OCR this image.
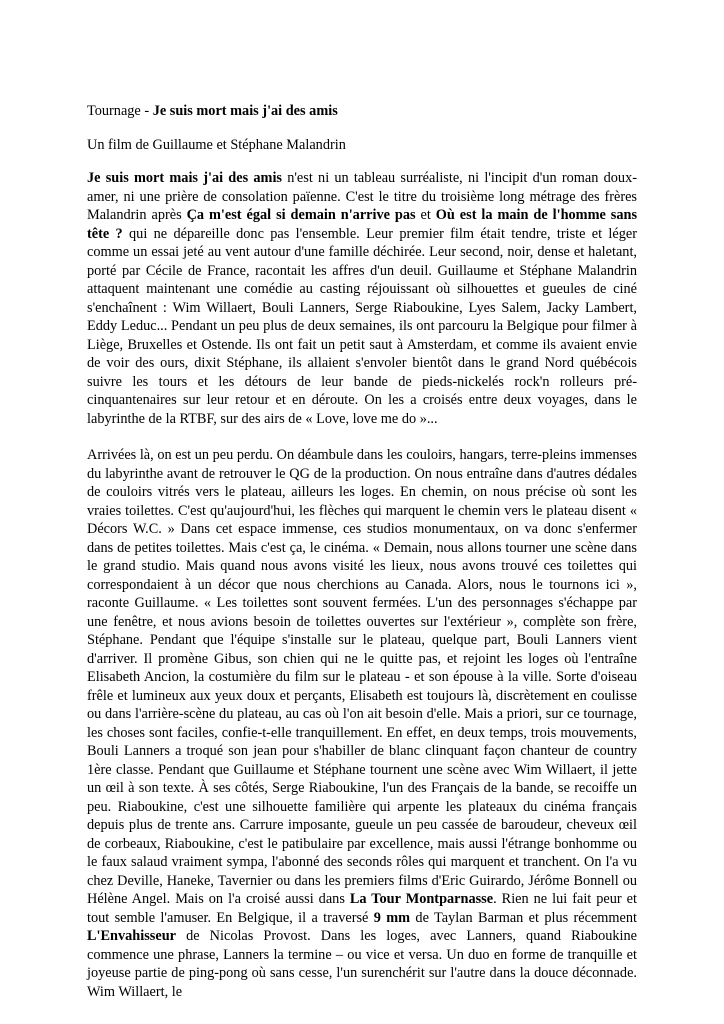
Tournage - Je suis mort mais j'ai des amis

Un film de Guillaume et Stéphane Malandrin

Je suis mort mais j'ai des amis n'est ni un tableau surréaliste, ni l'incipit d'un roman doux-amer, ni une prière de consolation païenne. C'est le titre du troisième long métrage des frères Malandrin après Ça m'est égal si demain n'arrive pas et Où est la main de l'homme sans tête ? qui ne dépareille donc pas l'ensemble. Leur premier film était tendre, triste et léger comme un essai jeté au vent autour d'une famille déchirée. Leur second, noir, dense et haletant, porté par Cécile de France, racontait les affres d'un deuil. Guillaume et Stéphane Malandrin attaquent maintenant une comédie au casting réjouissant où silhouettes et gueules de ciné s'enchaînent : Wim Willaert, Bouli Lanners, Serge Riaboukine, Lyes Salem, Jacky Lambert, Eddy Leduc... Pendant un peu plus de deux semaines, ils ont parcouru la Belgique pour filmer à Liège, Bruxelles et Ostende. Ils ont fait un petit saut à Amsterdam, et comme ils avaient envie de voir des ours, dixit Stéphane, ils allaient s'envoler bientôt dans le grand Nord québécois suivre les tours et les détours de leur bande de pieds-nickelés rock'n rolleurs pré-cinquantenaires sur leur retour et en déroute. On les a croisés entre deux voyages, dans le labyrinthe de la RTBF, sur des airs de « Love, love me do »...

Arrivées là, on est un peu perdu. On déambule dans les couloirs, hangars, terre-pleins immenses du labyrinthe avant de retrouver le QG de la production. On nous entraîne dans d'autres dédales de couloirs vitrés vers le plateau, ailleurs les loges. En chemin, on nous précise où sont les vraies toilettes. C'est qu'aujourd'hui, les flèches qui marquent le chemin vers le plateau disent « Décors W.C. » Dans cet espace immense, ces studios monumentaux, on va donc s'enfermer dans de petites toilettes. Mais c'est ça, le cinéma. « Demain, nous allons tourner une scène dans le grand studio. Mais quand nous avons visité les lieux, nous avons trouvé ces toilettes qui correspondaient à un décor que nous cherchions au Canada. Alors, nous le tournons ici », raconte Guillaume. « Les toilettes sont souvent fermées. L'un des personnages s'échappe par une fenêtre, et nous avions besoin de toilettes ouvertes sur l'extérieur », complète son frère, Stéphane. Pendant que l'équipe s'installe sur le plateau, quelque part, Bouli Lanners vient d'arriver. Il promène Gibus, son chien qui ne le quitte pas, et rejoint les loges où l'entraîne Elisabeth Ancion, la costumière du film sur le plateau - et son épouse à la ville. Sorte d'oiseau frêle et lumineux aux yeux doux et perçants, Elisabeth est toujours là, discrètement en coulisse ou dans l'arrière-scène du plateau, au cas où l'on ait besoin d'elle. Mais a priori, sur ce tournage, les choses sont faciles, confie-t-elle tranquillement. En effet, en deux temps, trois mouvements, Bouli Lanners a troqué son jean pour s'habiller de blanc clinquant façon chanteur de country 1ère classe. Pendant que Guillaume et Stéphane tournent une scène avec Wim Willaert, il jette un œil à son texte. À ses côtés, Serge Riaboukine, l'un des Français de la bande, se recoiffe un peu. Riaboukine, c'est une silhouette familière qui arpente les plateaux du cinéma français depuis plus de trente ans. Carrure imposante, gueule un peu cassée de baroudeur, cheveux œil de corbeaux, Riaboukine, c'est le patibulaire par excellence, mais aussi l'étrange bonhomme ou le faux salaud vraiment sympa, l'abonné des seconds rôles qui marquent et tranchent. On l'a vu chez Deville, Haneke, Tavernier ou dans les premiers films d'Eric Guirardo, Jérôme Bonnell ou Hélène Angel. Mais on l'a croisé aussi dans La Tour Montparnasse. Rien ne lui fait peur et tout semble l'amuser. En Belgique, il a traversé 9 mm de Taylan Barman et plus récemment L'Envahisseur de Nicolas Provost. Dans les loges, avec Lanners, quand Riaboukine commence une phrase, Lanners la termine – ou vice et versa. Un duo en forme de tranquille et joyeuse partie de ping-pong où sans cesse, l'un surenchérit sur l'autre dans la douce déconnade. Wim Willaert, le
